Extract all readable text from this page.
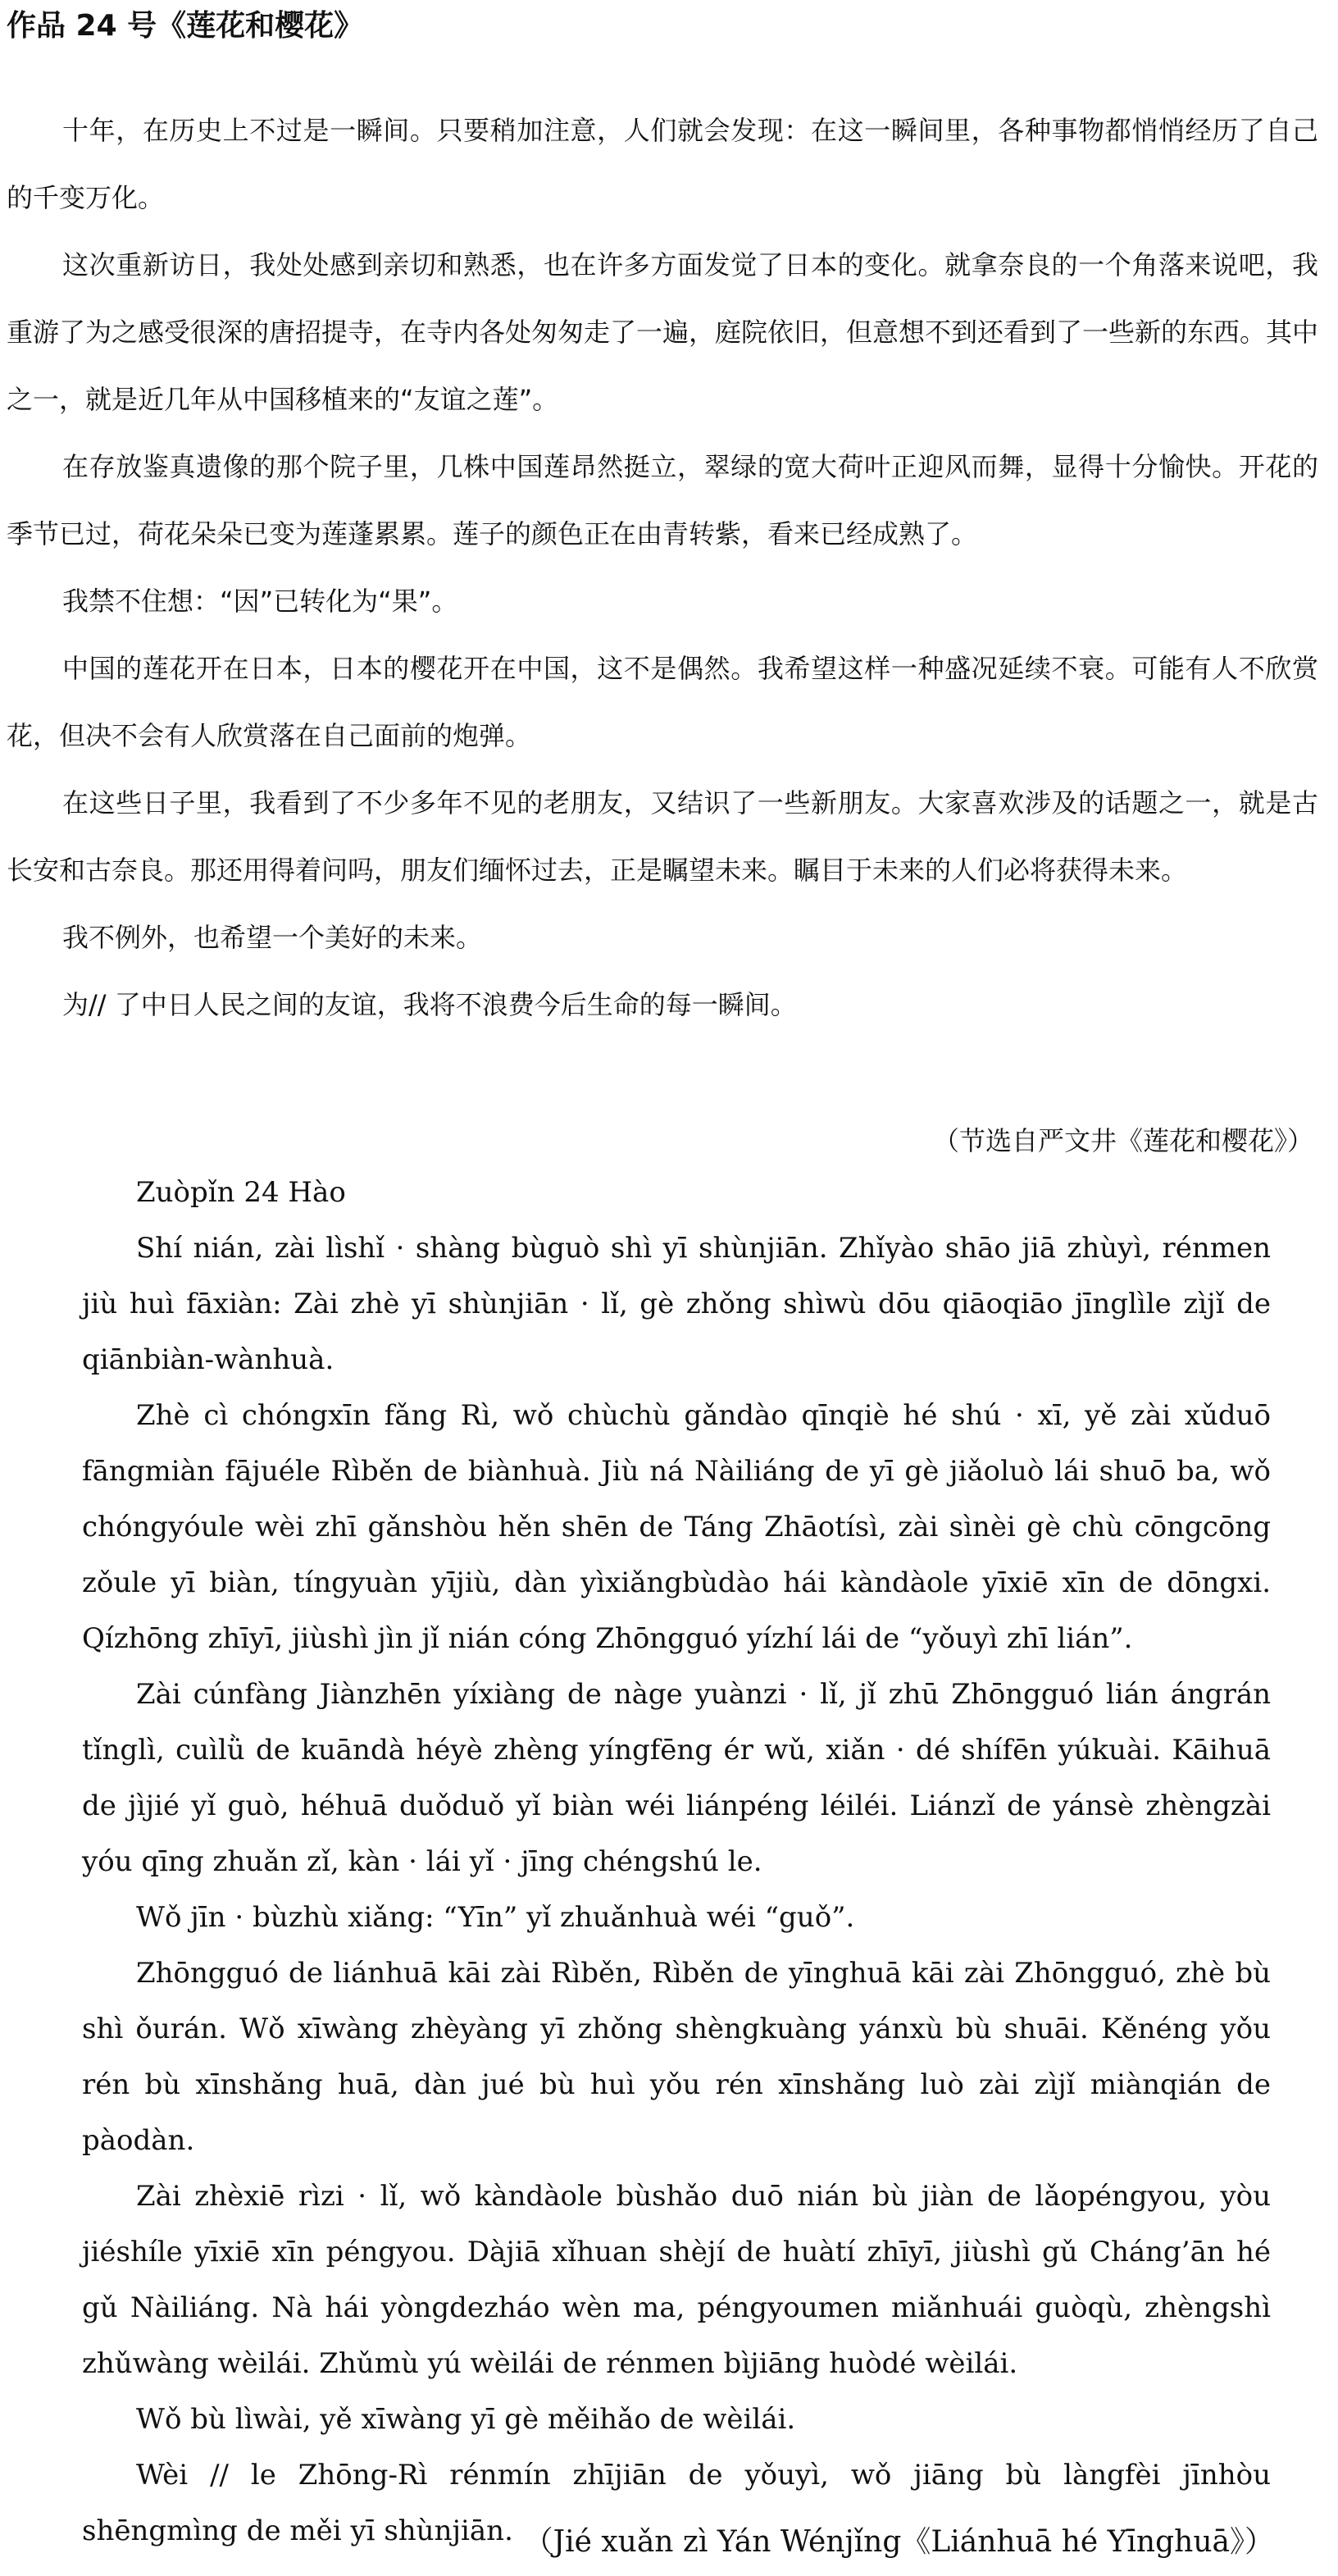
作品 24 号《莲花和樱花》

十年，在历史上不过是一瞬间。只要稍加注意，人们就会发现：在这一瞬间里，各种事物都悄悄经历了自己的千变万化。

这次重新访日，我处处感到亲切和熟悉，也在许多方面发觉了日本的变化。就拿奈良的一个角落来说吧，我重游了为之感受很深的唐招提寺，在寺内各处匆匆走了一遍，庭院依旧，但意想不到还看到了一些新的东西。其中之一，就是近几年从中国移植来的“友谊之莲”。

在存放鉴真遗像的那个院子里，几株中国莲昂然挺立，翠绿的宽大荷叶正迎风而舞，显得十分愉快。开花的季节已过，荷花朵朵已变为莲蓬累累。莲子的颜色正在由青转紫，看来已经成熟了。

我禁不住想：“因”已转化为“果”。

中国的莲花开在日本，日本的樱花开在中国，这不是偶然。我希望这样一种盛况延续不衰。可能有人不欣赏花，但决不会有人欣赏落在自己面前的炮弹。

在这些日子里，我看到了不少多年不见的老朋友，又结识了一些新朋友。大家喜欢涉及的话题之一，就是古长安和古奈良。那还用得着问吗，朋友们缅怀过去，正是瞩望未来。瞩目于未来的人们必将获得未来。

我不例外，也希望一个美好的未来。

为// 了中日人民之间的友谊，我将不浪费今后生命的每一瞬间。

（节选自严文井《莲花和樱花》）

Zuòpǐn 24 Hào

Shí nián, zài lìshǐ · shàng bùguò shì yī shùnjiān. Zhǐyào shāo jiā zhùyì, rénmen jiù huì fāxiàn: Zài zhè yī shùnjiān · lǐ, gè zhǒng shìwù dōu qiāoqiāo jīnglìle zìjǐ de qiānbiàn-wànhuà.

Zhè cì chóngxīn fǎng Rì, wǒ chùchù gǎndào qīnqiè hé shú · xī, yě zài xǔduō fāngmiàn fājuéle Rìběn de biànhuà. Jiù ná Nàiliáng de yī gè jiǎoluò lái shuō ba, wǒ chóngyóule wèi zhī gǎnshòu hěn shēn de Táng Zhāotísì, zài sìnèi gè chù cōngcōng zǒule yī biàn, tíngyuàn yījiù, dàn yìxiǎngbùdào hái kàndàole yīxiē xīn de dōngxi. Qízhōng zhīyī, jiùshì jìn jǐ nián cóng Zhōngguó yízhí lái de “yǒuyì zhī lián”.

Zài cúnfàng Jiànzhēn yíxiàng de nàge yuànzi · lǐ, jǐ zhū Zhōngguó lián ángrán tǐnglì, cuìlǜ de kuāndà héyè zhèng yíngfēng ér wǔ, xiǎn · dé shífēn yúkuài. Kāihuā de jìjié yǐ guò, héhuā duǒduǒ yǐ biàn wéi liánpéng léiléi. Liánzǐ de yánsè zhèngzài yóu qīng zhuǎn zǐ, kàn · lái yǐ · jīng chéngshú le.

Wǒ jīn · bùzhù xiǎng: “Yīn” yǐ zhuǎnhuà wéi “guǒ”.

Zhōngguó de liánhuā kāi zài Rìběn, Rìběn de yīnghuā kāi zài Zhōngguó, zhè bù shì ǒurán. Wǒ xīwàng zhèyàng yī zhǒng shèngkuàng yánxù bù shuāi. Kěnéng yǒu rén bù xīnshǎng huā, dàn jué bù huì yǒu rén xīnshǎng luò zài zìjǐ miànqián de pàodàn.

Zài zhèxiē rìzi · lǐ, wǒ kàndàole bùshǎo duō nián bù jiàn de lǎopéngyou, yòu jiéshíle yīxiē xīn péngyou. Dàjiā xǐhuan shèjí de huàtí zhīyī, jiùshì gǔ Cháng’ān hé gǔ Nàiliáng. Nà hái yòngdezháo wèn ma, péngyoumen miǎnhuái guòqù, zhèngshì zhǔwàng wèilái. Zhǔmù yú wèilái de rénmen bìjiāng huòdé wèilái.

Wǒ bù lìwài, yě xīwàng yī gè měihǎo de wèilái.

Wèi // le Zhōng-Rì rénmín zhījiān de yǒuyì, wǒ jiāng bù làngfèi jīnhòu shēngmìng de měi yī shùnjiān. （Jié xuǎn zì Yán Wénjǐng《Liánhuā hé Yīnghuā》）
